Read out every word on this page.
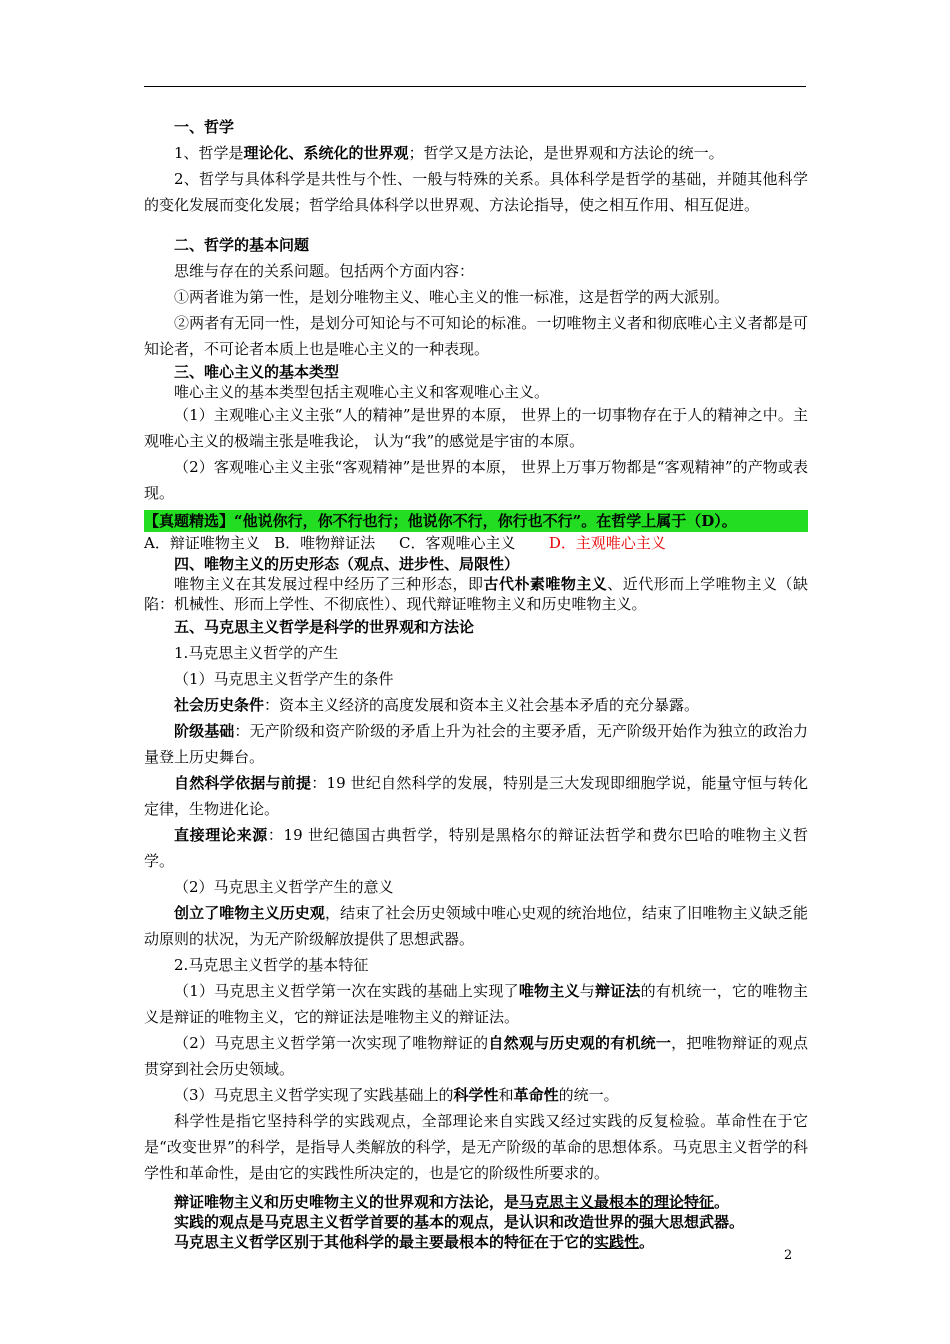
一、哲学

1、哲学是理论化、系统化的世界观；哲学又是方法论，是世界观和方法论的统一。

2、哲学与具体科学是共性与个性、一般与特殊的关系。具体科学是哲学的基础，并随其他科学的变化发展而变化发展；哲学给具体科学以世界观、方法论指导，使之相互作用、相互促进。

二、哲学的基本问题

思维与存在的关系问题。包括两个方面内容：

①两者谁为第一性，是划分唯物主义、唯心主义的惟一标准，这是哲学的两大派别。

②两者有无同一性，是划分可知论与不可知论的标准。一切唯物主义者和彻底唯心主义者都是可知论者，不可论者本质上也是唯心主义的一种表现。

三、唯心主义的基本类型

唯心主义的基本类型包括主观唯心主义和客观唯心主义。

（1）主观唯心主义主张“人的精神”是世界的本原， 世界上的一切事物存在于人的精神之中。主观唯心主义的极端主张是唯我论， 认为“我”的感觉是宇宙的本原。

（2）客观唯心主义主张“客观精神”是世界的本原， 世界上万事万物都是“客观精神”的产物或表现。

【真题精选】“他说你行，你不行也行；他说你不行，你行也不行”。在哲学上属于（D）。

A．辩证唯物主义 B．唯物辩证法 C．客观唯心主义 D．主观唯心主义

四、唯物主义的历史形态（观点、进步性、局限性）

唯物主义在其发展过程中经历了三种形态，即古代朴素唯物主义、近代形而上学唯物主义（缺陷：机械性、形而上学性、不彻底性）、现代辩证唯物主义和历史唯物主义。

五、马克思主义哲学是科学的世界观和方法论

1.马克思主义哲学的产生

（1）马克思主义哲学产生的条件

社会历史条件：资本主义经济的高度发展和资本主义社会基本矛盾的充分暴露。

阶级基础：无产阶级和资产阶级的矛盾上升为社会的主要矛盾，无产阶级开始作为独立的政治力量登上历史舞台。

自然科学依据与前提：19 世纪自然科学的发展，特别是三大发现即细胞学说，能量守恒与转化定律，生物进化论。

直接理论来源：19 世纪德国古典哲学，特别是黑格尔的辩证法哲学和费尔巴哈的唯物主义哲学。

（2）马克思主义哲学产生的意义

创立了唯物主义历史观，结束了社会历史领域中唯心史观的统治地位，结束了旧唯物主义缺乏能动原则的状况，为无产阶级解放提供了思想武器。

2.马克思主义哲学的基本特征

（1）马克思主义哲学第一次在实践的基础上实现了唯物主义与辩证法的有机统一，它的唯物主义是辩证的唯物主义，它的辩证法是唯物主义的辩证法。

（2）马克思主义哲学第一次实现了唯物辩证的自然观与历史观的有机统一，把唯物辩证的观点贯穿到社会历史领域。

（3）马克思主义哲学实现了实践基础上的科学性和革命性的统一。

科学性是指它坚持科学的实践观点，全部理论来自实践又经过实践的反复检验。革命性在于它是“改变世界”的科学，是指导人类解放的科学，是无产阶级的革命的思想体系。马克思主义哲学的科学性和革命性，是由它的实践性所决定的，也是它的阶级性所要求的。

辩证唯物主义和历史唯物主义的世界观和方法论，是马克思主义最根本的理论特征。

实践的观点是马克思主义哲学首要的基本的观点，是认识和改造世界的强大思想武器。

马克思主义哲学区别于其他科学的最主要最根本的特征在于它的实践性。

2
